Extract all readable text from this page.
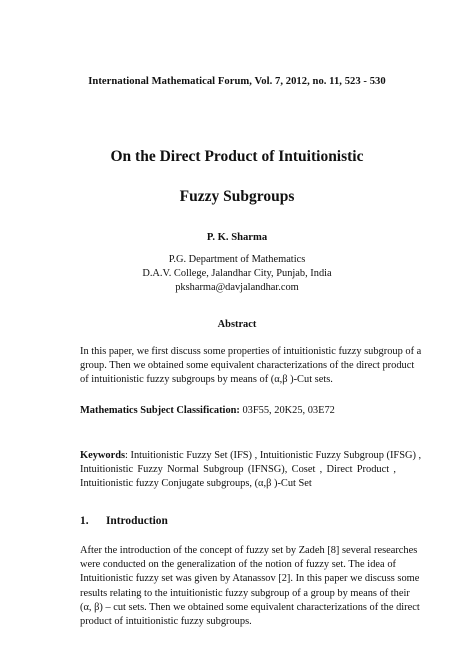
International Mathematical Forum, Vol. 7, 2012, no. 11, 523 - 530
On the Direct Product of Intuitionistic
Fuzzy Subgroups
P. K. Sharma
P.G. Department of Mathematics
D.A.V. College, Jalandhar City, Punjab, India
pksharma@davjalandhar.com
Abstract
In this paper, we first discuss some properties of intuitionistic fuzzy subgroup of a
group. Then we obtained some equivalent characterizations of the direct product
of intuitionistic fuzzy subgroups by means of (α,β )-Cut sets.
Mathematics Subject Classification: 03F55, 20K25, 03E72
Keywords: Intuitionistic Fuzzy Set (IFS) , Intuitionistic Fuzzy Subgroup (IFSG) ,
Intuitionistic Fuzzy Normal Subgroup (IFNSG), Coset , Direct Product ,
Intuitionistic fuzzy Conjugate subgroups, (α,β )-Cut Set
1. Introduction
After the introduction of the concept of fuzzy set by Zadeh [8] several researches
were conducted on the generalization of the notion of fuzzy set. The idea of
Intuitionistic fuzzy set was given by Atanassov [2]. In this paper we discuss some
results relating to the intuitionistic fuzzy subgroup of a group by means of their
(α, β) – cut sets. Then we obtained some equivalent characterizations of the direct
product of intuitionistic fuzzy subgroups.
